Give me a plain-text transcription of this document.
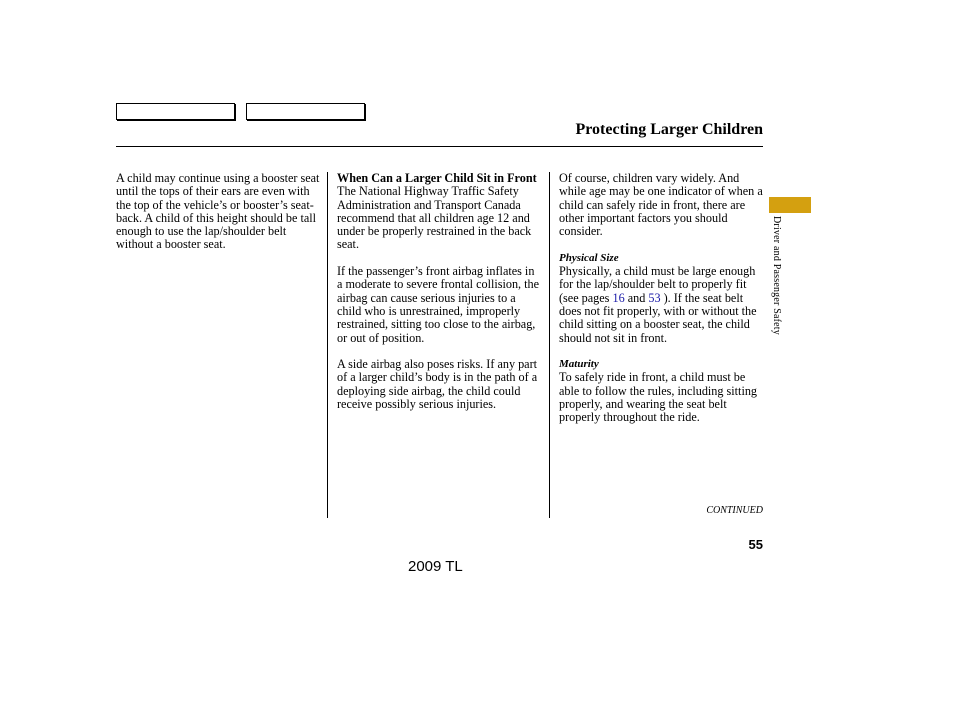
Protecting Larger Children

A child may continue using a booster seat until the tops of their ears are even with the top of the vehicle’s or booster’s seat-back. A child of this height should be tall enough to use the lap/shoulder belt without a booster seat.

When Can a Larger Child Sit in Front

The National Highway Traffic Safety Administration and Transport Canada recommend that all children age 12 and under be properly restrained in the back seat.

If the passenger’s front airbag inflates in a moderate to severe frontal collision, the airbag can cause serious injuries to a child who is unrestrained, improperly restrained, sitting too close to the airbag, or out of position.

A side airbag also poses risks. If any part of a larger child’s body is in the path of a deploying side airbag, the child could receive possibly serious injuries.

Of course, children vary widely. And while age may be one indicator of when a child can safely ride in front, there are other important factors you should consider.

Physical Size

Physically, a child must be large enough for the lap/shoulder belt to properly fit (see pages 16 and 53 ). If the seat belt does not fit properly, with or without the child sitting on a booster seat, the child should not sit in front.

Maturity

To safely ride in front, a child must be able to follow the rules, including sitting properly, and wearing the seat belt properly throughout the ride.

Driver and Passenger Safety
CONTINUED
55
2009 TL
